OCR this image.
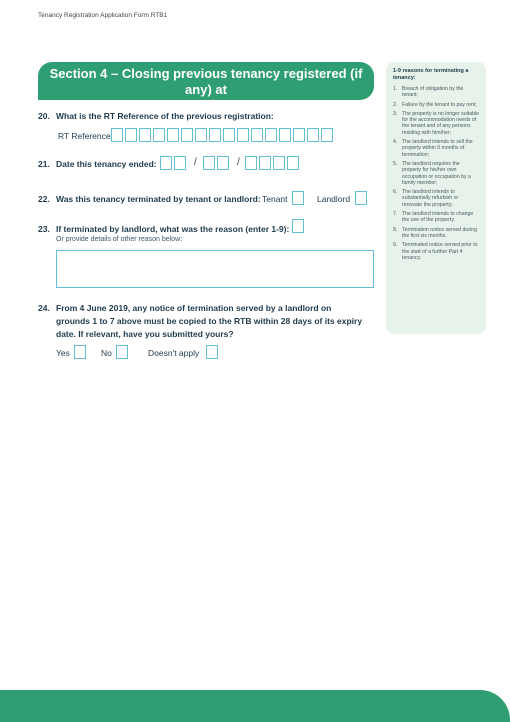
Tenancy Registration Application Form RTB1
Section 4 – Closing previous tenancy registered (if any) at
this rented dwelling (see note 3)
20. What is the RT Reference of the previous registration:
RT Reference
21. Date this tenancy ended:	/	/
22. Was this tenancy terminated by tenant or landlord: Tenant	Landlord
23. If terminated by landlord, what was the reason (enter 1-9):
Or provide details of other reason below:
24. From 4 June 2019, any notice of termination served by a landlord on
grounds 1 to 7 above must be copied to the RTB within 28 days of its expiry
date. If relevant, have you submitted yours?
Yes	No	Doesn't apply
1-9 reasons for terminating a tenancy:
1. Breach of obligation by the tenant;
2. Failure by the tenant to pay rent;
3. The property is no longer suitable for the accommodation needs of the tenant and of any persons residing with him/her;
4. The landlord intends to sell the property within 9 months of termination;
5. The landlord requires the property for his/her own occupation or occupation by a family member;
6. The landlord intends to substantially refurbish or renovate the property;
7. The landlord intends to change the use of the property.
8. Termination notice served during the first six months.
9. Terminated notice served prior to the start of a further Part 4 tenancy.
